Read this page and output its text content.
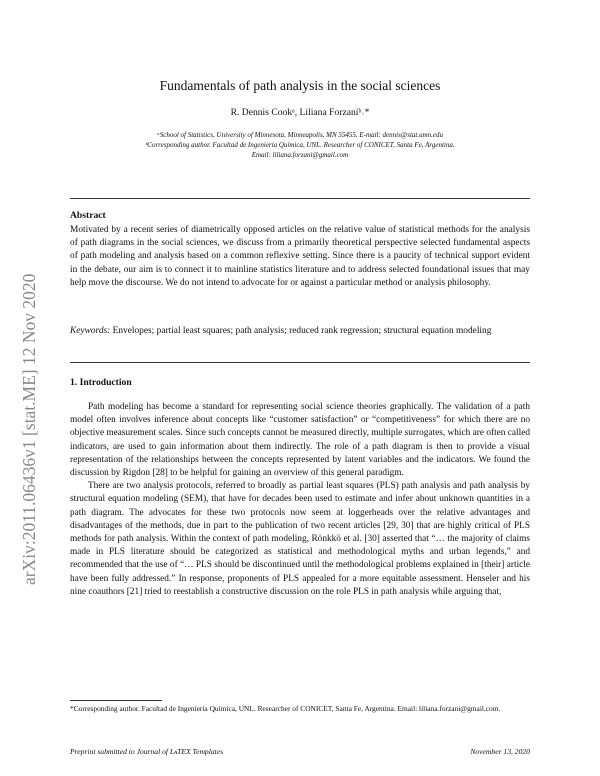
arXiv:2011.06436v1 [stat.ME] 12 Nov 2020
Fundamentals of path analysis in the social sciences
R. Dennis Cookᵃ, Liliana Forzaniᵇ˒*
ᵃSchool of Statistics, University of Minnesota, Minneapolis, MN 55455. E-mail: dennis@stat.umn.edu
ᵇCorresponding author. Facultad de Ingeniería Química, UNL. Researcher of CONICET, Santa Fe, Argentina.
Email: liliana.forzani@gmail.com
Abstract
Motivated by a recent series of diametrically opposed articles on the relative value of statistical methods for the analysis of path diagrams in the social sciences, we discuss from a primarily theoretical perspective selected fundamental aspects of path modeling and analysis based on a common reflexive setting. Since there is a paucity of technical support evident in the debate, our aim is to connect it to mainline statistics literature and to address selected foundational issues that may help move the discourse. We do not intend to advocate for or against a particular method or analysis philosophy.
Keywords: Envelopes; partial least squares; path analysis; reduced rank regression; structural equation modeling
1. Introduction

Path modeling has become a standard for representing social science theories graphically. The validation of a path model often involves inference about concepts like “customer satisfaction” or “competitiveness” for which there are no objective measurement scales. Since such concepts cannot be measured directly, multiple surrogates, which are often called indicators, are used to gain information about them indirectly. The role of a path diagram is then to provide a visual representation of the relationships between the concepts represented by latent variables and the indicators. We found the discussion by Rigdon [28] to be helpful for gaining an overview of this general paradigm.

There are two analysis protocols, referred to broadly as partial least squares (PLS) path analysis and path analysis by structural equation modeling (SEM), that have for decades been used to estimate and infer about unknown quantities in a path diagram. The advocates for these two protocols now seem at loggerheads over the relative advantages and disadvantages of the methods, due in part to the publication of two recent articles [29, 30] that are highly critical of PLS methods for path analysis. Within the context of path modeling, Rönkkö et al. [30] asserted that “… the majority of claims made in PLS literature should be categorized as statistical and methodological myths and urban legends,” and recommended that the use of “… PLS should be discontinued until the methodological problems explained in [their] article have been fully addressed.” In response, proponents of PLS appealed for a more equitable assessment. Henseler and his nine coauthors [21] tried to reestablish a constructive discussion on the role PLS in path analysis while arguing that,

*Corresponding author. Facultad de Ingeniería Química, UNL. Researcher of CONICET, Santa Fe, Argentina. Email: liliana.forzani@gmail.com.
Preprint submitted to Journal of LᴀTEX Templates	November 13, 2020
